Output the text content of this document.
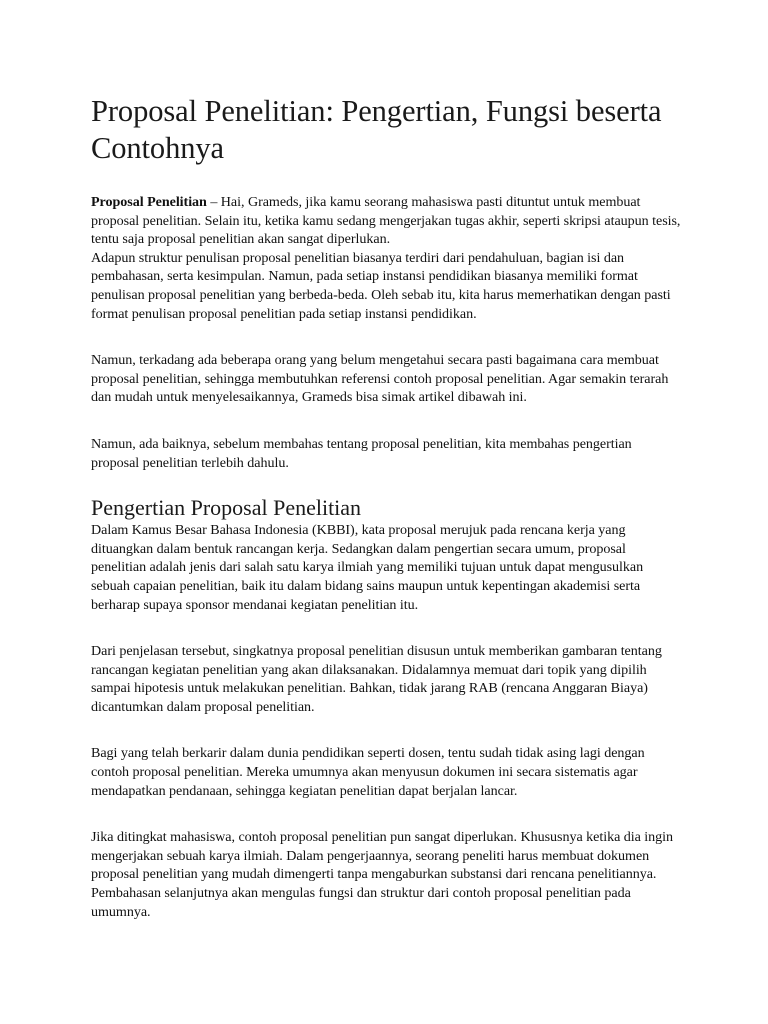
Proposal Penelitian: Pengertian, Fungsi beserta Contohnya

Proposal Penelitian – Hai, Grameds, jika kamu seorang mahasiswa pasti dituntut untuk membuat proposal penelitian. Selain itu, ketika kamu sedang mengerjakan tugas akhir, seperti skripsi ataupun tesis, tentu saja proposal penelitian akan sangat diperlukan.

Adapun struktur penulisan proposal penelitian biasanya terdiri dari pendahuluan, bagian isi dan pembahasan, serta kesimpulan. Namun, pada setiap instansi pendidikan biasanya memiliki format penulisan proposal penelitian yang berbeda-beda. Oleh sebab itu, kita harus memerhatikan dengan pasti format penulisan proposal penelitian pada setiap instansi pendidikan.

Namun, terkadang ada beberapa orang yang belum mengetahui secara pasti bagaimana cara membuat proposal penelitian, sehingga membutuhkan referensi contoh proposal penelitian. Agar semakin terarah dan mudah untuk menyelesaikannya, Grameds bisa simak artikel dibawah ini.

Namun, ada baiknya, sebelum membahas tentang proposal penelitian, kita membahas pengertian proposal penelitian terlebih dahulu.

Pengertian Proposal Penelitian

Dalam Kamus Besar Bahasa Indonesia (KBBI), kata proposal merujuk pada rencana kerja yang dituangkan dalam bentuk rancangan kerja. Sedangkan dalam pengertian secara umum, proposal penelitian adalah jenis dari salah satu karya ilmiah yang memiliki tujuan untuk dapat mengusulkan sebuah capaian penelitian, baik itu dalam bidang sains maupun untuk kepentingan akademisi serta berharap supaya sponsor mendanai kegiatan penelitian itu.

Dari penjelasan tersebut, singkatnya proposal penelitian disusun untuk memberikan gambaran tentang rancangan kegiatan penelitian yang akan dilaksanakan. Didalamnya memuat dari topik yang dipilih sampai hipotesis untuk melakukan penelitian. Bahkan, tidak jarang RAB (rencana Anggaran Biaya) dicantumkan dalam proposal penelitian.

Bagi yang telah berkarir dalam dunia pendidikan seperti dosen, tentu sudah tidak asing lagi dengan contoh proposal penelitian. Mereka umumnya akan menyusun dokumen ini secara sistematis agar mendapatkan pendanaan, sehingga kegiatan penelitian dapat berjalan lancar.

Jika ditingkat mahasiswa, contoh proposal penelitian pun sangat diperlukan. Khususnya ketika dia ingin mengerjakan sebuah karya ilmiah. Dalam pengerjaannya, seorang peneliti harus membuat dokumen proposal penelitian yang mudah dimengerti tanpa mengaburkan substansi dari rencana penelitiannya. Pembahasan selanjutnya akan mengulas fungsi dan struktur dari contoh proposal penelitian pada umumnya.
